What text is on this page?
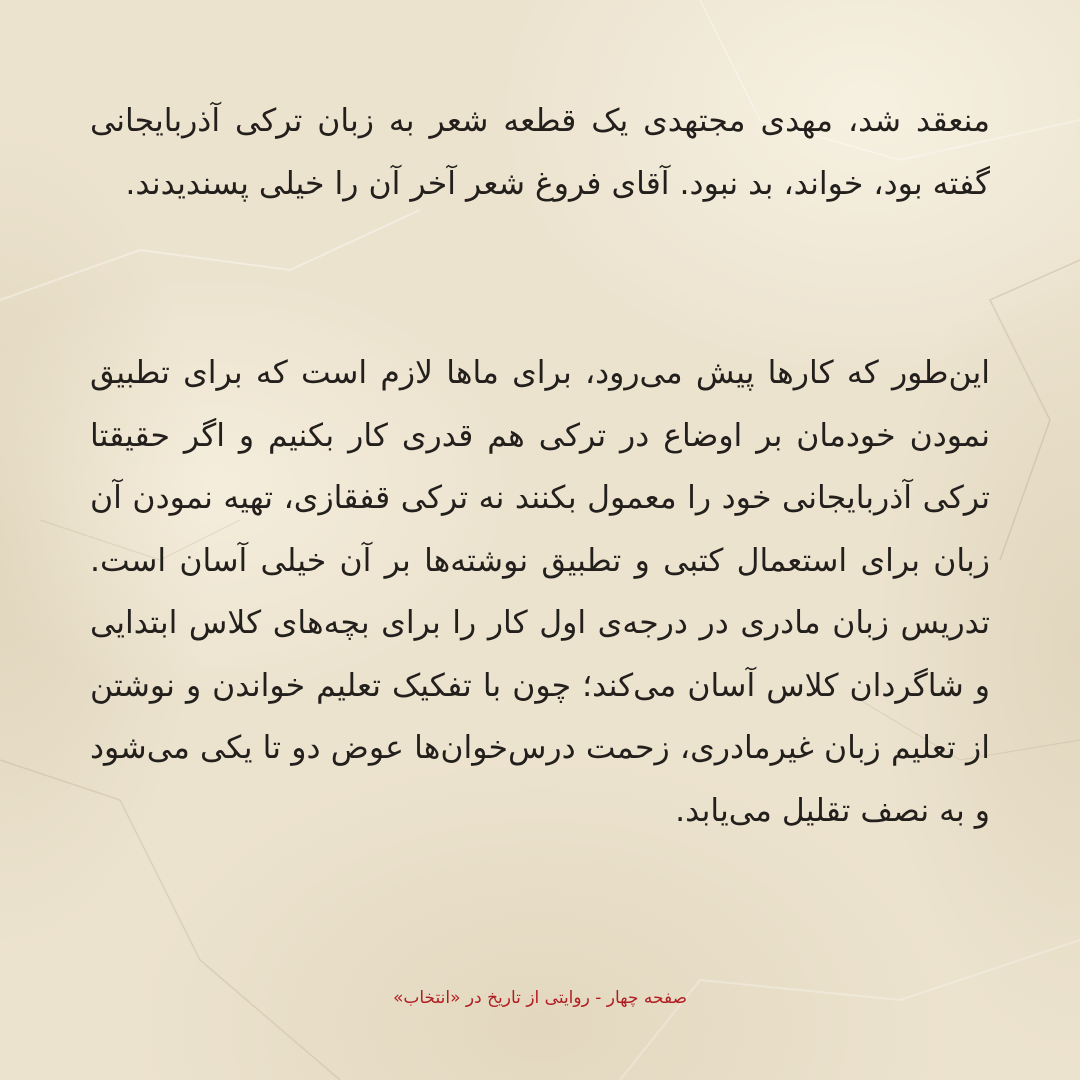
منعقد شد، مهدی مجتهدی یک قطعه شعر به زبان ترکی آذربایجانی گفته بود، خواند، بد نبود. آقای فروغ شعر آخر آن را خیلی پسندیدند.

این‌طور که کارها پیش می‌رود، برای ماها لازم است که برای تطبیق نمودن خودمان بر اوضاع در ترکی هم قدری کار بکنیم و اگر حقیقتا ترکی آذربایجانی خود را معمول بکنند نه ترکی قفقازی، تهیه نمودن آن زبان برای استعمال کتبی و تطبیق نوشته‌ها بر آن خیلی آسان است. تدریس زبان مادری در درجه‌ی اول کار را برای بچه‌های کلاس ابتدایی و شاگردان کلاس آسان می‌کند؛ چون با تفکیک تعلیم خواندن و نوشتن از تعلیم زبان غیرمادری، زحمت درس‌خوان‌ها عوض دو تا یکی می‌شود و به نصف تقلیل می‌یابد.

صفحه چهار - روایتی از تاریخ در «انتخاب»
